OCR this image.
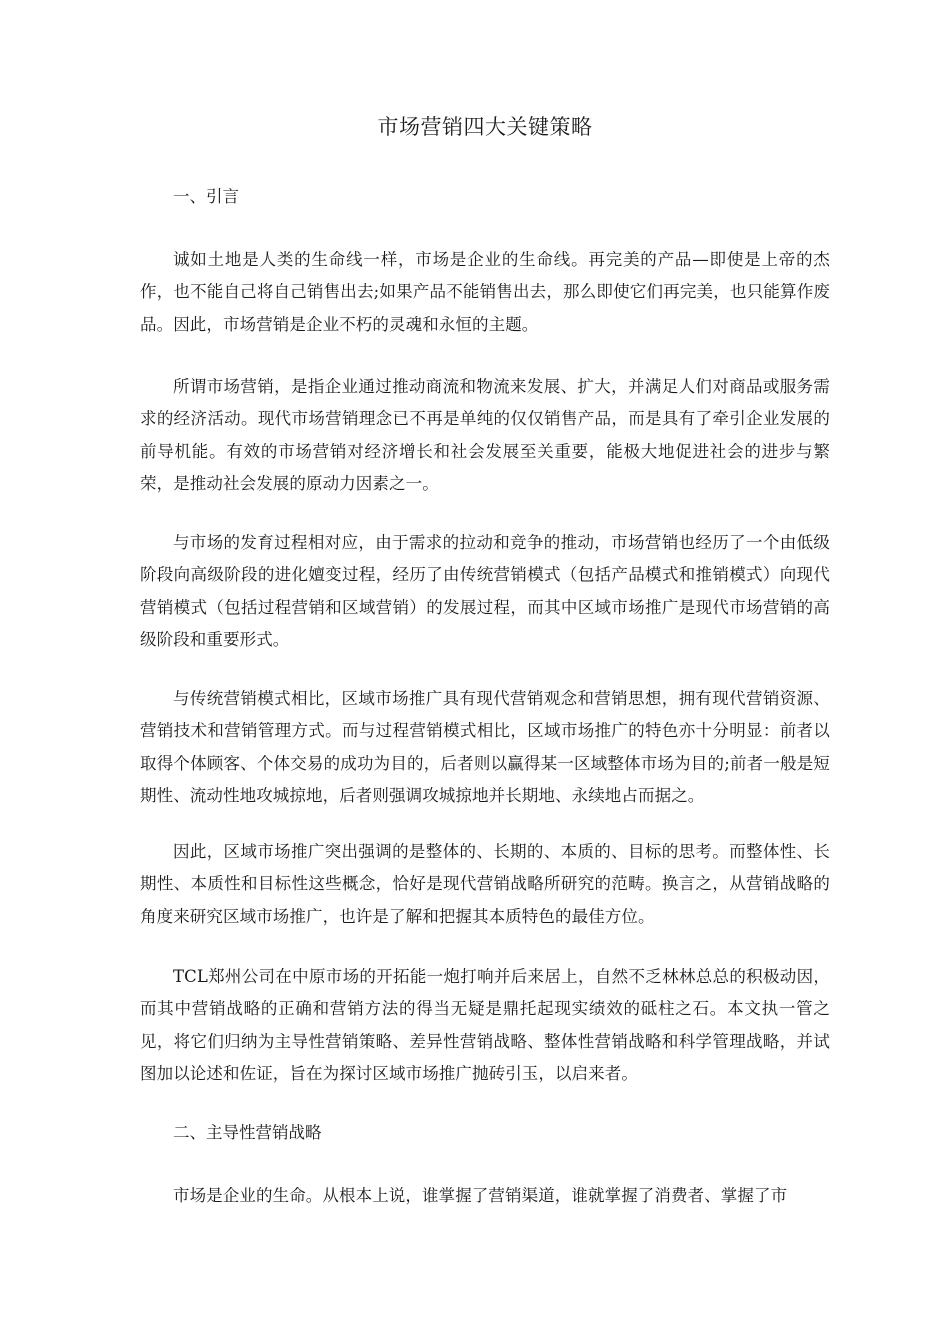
市场营销四大关键策略
一、引言
诚如土地是人类的生命线一样，市场是企业的生命线。再完美的产品—即使是上帝的杰作，也不能自己将自己销售出去;如果产品不能销售出去，那么即使它们再完美，也只能算作废品。因此，市场营销是企业不朽的灵魂和永恒的主题。
所谓市场营销，是指企业通过推动商流和物流来发展、扩大，并满足人们对商品或服务需求的经济活动。现代市场营销理念已不再是单纯的仅仅销售产品，而是具有了牵引企业发展的前导机能。有效的市场营销对经济增长和社会发展至关重要，能极大地促进社会的进步与繁荣，是推动社会发展的原动力因素之一。
与市场的发育过程相对应，由于需求的拉动和竞争的推动，市场营销也经历了一个由低级阶段向高级阶段的进化嬗变过程，经历了由传统营销模式（包括产品模式和推销模式）向现代营销模式（包括过程营销和区域营销）的发展过程，而其中区域市场推广是现代市场营销的高级阶段和重要形式。
与传统营销模式相比，区域市场推广具有现代营销观念和营销思想，拥有现代营销资源、营销技术和营销管理方式。而与过程营销模式相比，区域市场推广的特色亦十分明显：前者以取得个体顾客、个体交易的成功为目的，后者则以赢得某一区域整体市场为目的;前者一般是短期性、流动性地攻城掠地，后者则强调攻城掠地并长期地、永续地占而据之。
因此，区域市场推广突出强调的是整体的、长期的、本质的、目标的思考。而整体性、长期性、本质性和目标性这些概念，恰好是现代营销战略所研究的范畴。换言之，从营销战略的角度来研究区域市场推广，也许是了解和把握其本质特色的最佳方位。
TCL郑州公司在中原市场的开拓能一炮打响并后来居上，自然不乏林林总总的积极动因，而其中营销战略的正确和营销方法的得当无疑是鼎托起现实绩效的砥柱之石。本文执一管之见，将它们归纳为主导性营销策略、差异性营销战略、整体性营销战略和科学管理战略，并试图加以论述和佐证，旨在为探讨区域市场推广抛砖引玉，以启来者。
二、主导性营销战略
市场是企业的生命。从根本上说，谁掌握了营销渠道，谁就掌握了消费者、掌握了市
